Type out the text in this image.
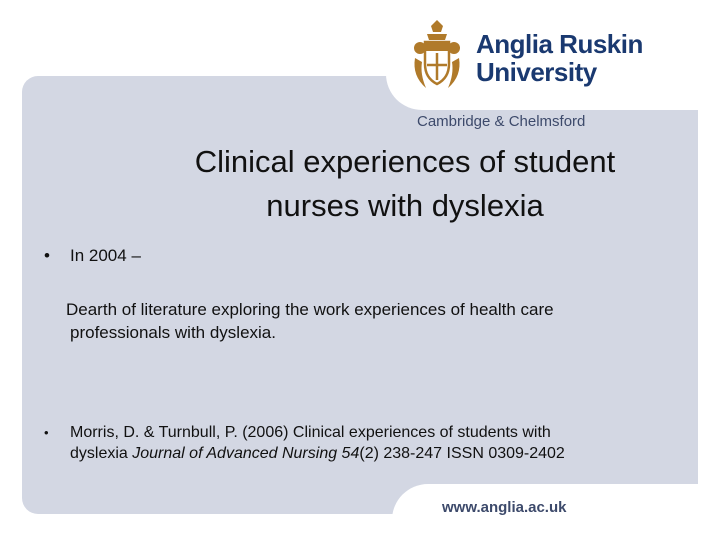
Anglia Ruskin
University
Cambridge & Chelmsford
Clinical experiences of student
nurses with dyslexia
• In 2004 –
Dearth of literature exploring the work experiences of health care
professionals with dyslexia.
• Morris, D. & Turnbull, P. (2006) Clinical experiences of students with
dyslexia Journal of Advanced Nursing 54(2) 238-247 ISSN 0309-2402
www.anglia.ac.uk
